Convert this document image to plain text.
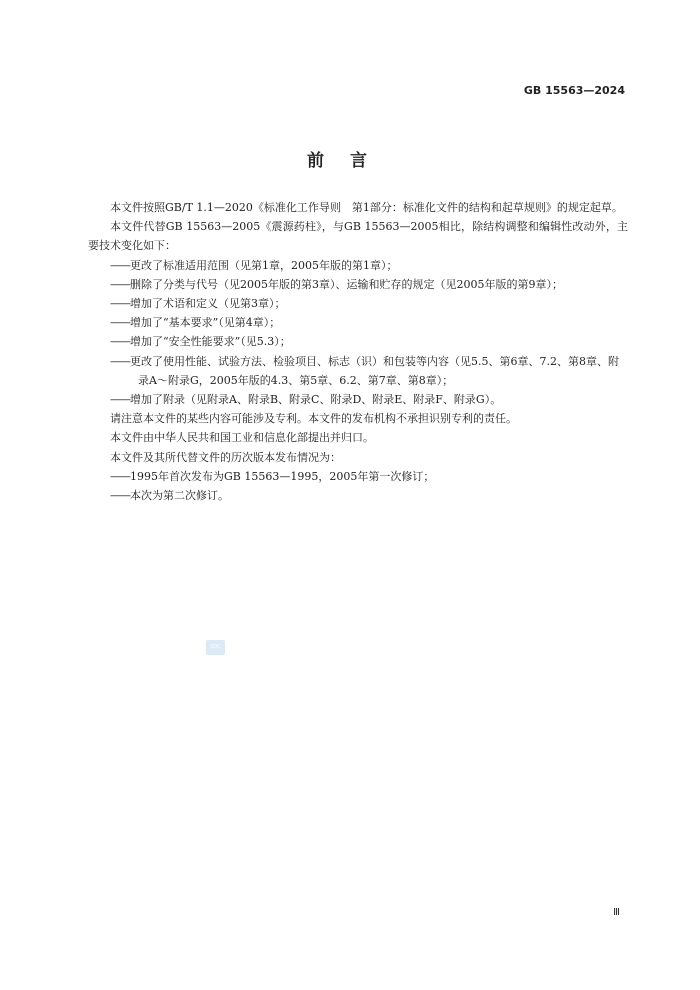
GB 15563—2024
前言

本文件按照GB/T 1.1—2020《标准化工作导则　第1部分：标准化文件的结构和起草规则》的规定起草。

本文件代替GB 15563—2005《震源药柱》，与GB 15563—2005相比，除结构调整和编辑性改动外，主要技术变化如下：

——更改了标准适用范围（见第1章，2005年版的第1章）；

——删除了分类与代号（见2005年版的第3章）、运输和贮存的规定（见2005年版的第9章）；

——增加了术语和定义（见第3章）；

——增加了“基本要求”（见第4章）；

——增加了“安全性能要求”（见5.3）；

——更改了使用性能、试验方法、检验项目、标志（识）和包装等内容（见5.5、第6章、7.2、第8章、附录A～附录G，2005年版的4.3、第5章、6.2、第7章、第8章）；

——增加了附录（见附录A、附录B、附录C、附录D、附录E、附录F、附录G）。

请注意本文件的某些内容可能涉及专利。本文件的发布机构不承担识别专利的责任。

本文件由中华人民共和国工业和信息化部提出并归口。

本文件及其所代替文件的历次版本发布情况为：

——1995年首次发布为GB 15563—1995，2005年第一次修订；

——本次为第二次修订。

SDC
Ⅲ
